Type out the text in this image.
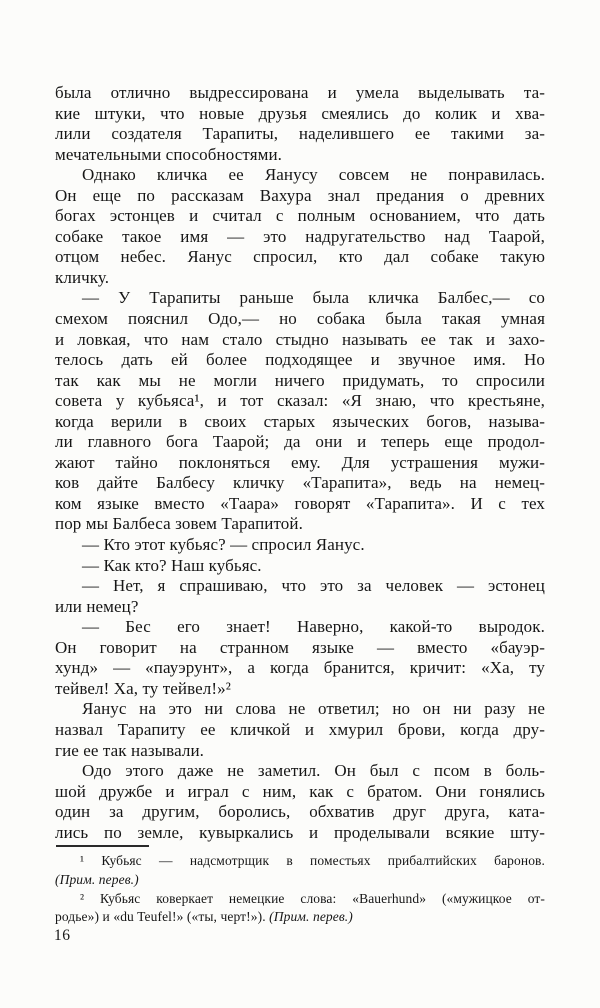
была отлично выдрессирована и умела выделывать та-
кие штуки, что новые друзья смеялись до колик и хва-
лили создателя Тарапиты, наделившего ее такими за-
мечательными способностями.
Однако кличка ее Яанусу совсем не понравилась.
Он еще по рассказам Вахура знал предания о древних
богах эстонцев и считал с полным основанием, что дать
собаке такое имя — это надругательство над Таарой,
отцом небес. Яанус спросил, кто дал собаке такую
кличку.
— У Тарапиты раньше была кличка Балбес,— со
смехом пояснил Одо,— но собака была такая умная
и ловкая, что нам стало стыдно называть ее так и захо-
телось дать ей более подходящее и звучное имя. Но
так как мы не могли ничего придумать, то спросили
совета у кубьяса¹, и тот сказал: «Я знаю, что крестьяне,
когда верили в своих старых языческих богов, называ-
ли главного бога Таарой; да они и теперь еще продол-
жают тайно поклоняться ему. Для устрашения мужи-
ков дайте Балбесу кличку «Тарапита», ведь на немец-
ком языке вместо «Таара» говорят «Тарапита». И с тех
пор мы Балбеса зовем Тарапитой.
— Кто этот кубьяс? — спросил Яанус.
— Как кто? Наш кубьяс.
— Нет, я спрашиваю, что это за человек — эстонец
или немец?
— Бес его знает! Наверно, какой-то выродок.
Он говорит на странном языке — вместо «бауэр-
хунд» — «пауэрунт», а когда бранится, кричит: «Ха, ту
тейвел! Ха, ту тейвел!»²
Яанус на это ни слова не ответил; но он ни разу не
назвал Тарапиту ее кличкой и хмурил брови, когда дру-
гие ее так называли.
Одо этого даже не заметил. Он был с псом в боль-
шой дружбе и играл с ним, как с братом. Они гонялись
один за другим, боролись, обхватив друг друга, ката-
лись по земле, кувыркались и проделывали всякие шту-
¹ Кубьяс — надсмотрщик в поместьях прибалтийских баронов.
(Прим. перев.)
² Кубьяс коверкает немецкие слова: «Bauerhund» («мужицкое от-
родье») и «du Teufel!» («ты, черт!»). (Прим. перев.)
16
